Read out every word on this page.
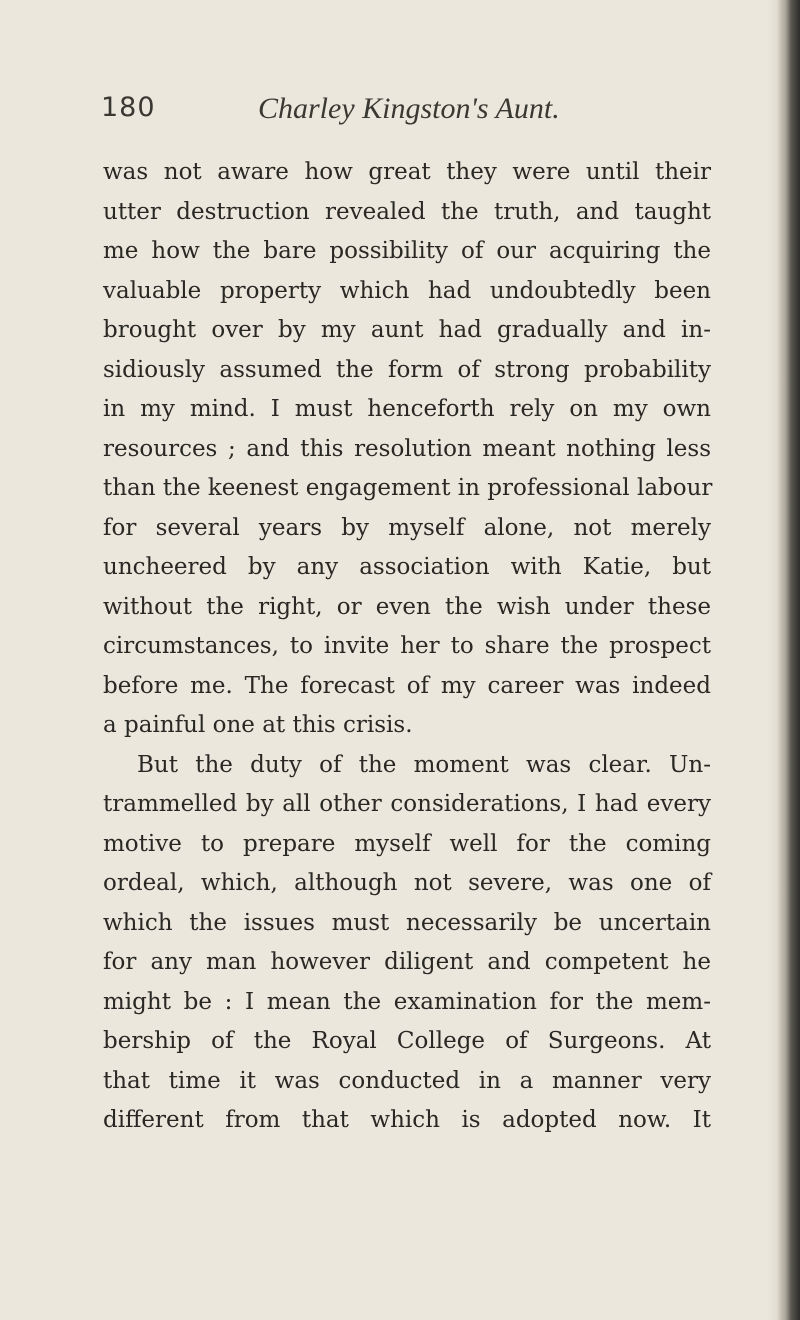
180	Charley Kingston's Aunt.
was not aware how great they were until their
utter destruction revealed the truth, and taught
me how the bare possibility of our acquiring the
valuable property which had undoubtedly been
brought over by my aunt had gradually and in-
sidiously assumed the form of strong probability
in my mind. I must henceforth rely on my own
resources ; and this resolution meant nothing less
than the keenest engagement in professional labour
for several years by myself alone, not merely
uncheered by any association with Katie, but
without the right, or even the wish under these
circumstances, to invite her to share the prospect
before me. The forecast of my career was indeed
a painful one at this crisis.
But the duty of the moment was clear. Un-
trammelled by all other considerations, I had every
motive to prepare myself well for the coming
ordeal, which, although not severe, was one of
which the issues must necessarily be uncertain
for any man however diligent and competent he
might be : I mean the examination for the mem-
bership of the Royal College of Surgeons. At
that time it was conducted in a manner very
different from that which is adopted now. It
